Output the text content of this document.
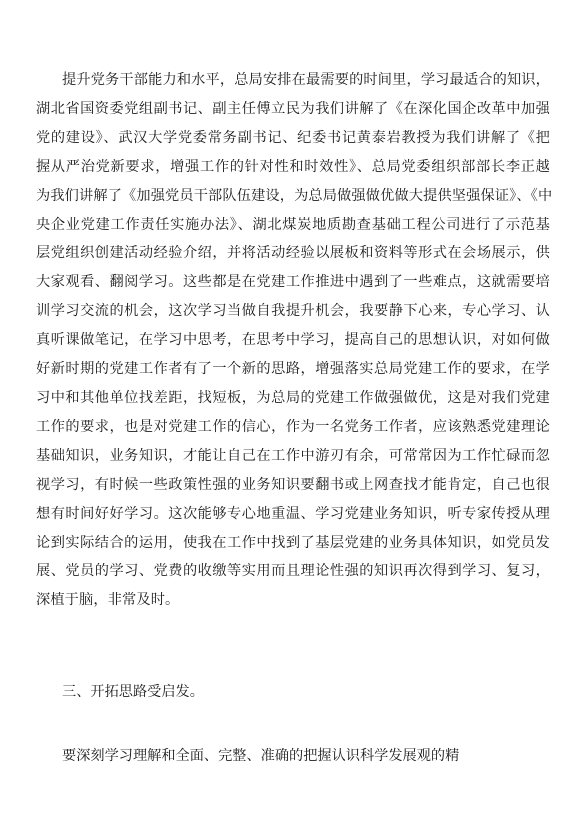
提升党务干部能力和水平，总局安排在最需要的时间里，学习最适合的知识，
湖北省国资委党组副书记、副主任傅立民为我们讲解了《在深化国企改革中加强
党的建设》、武汉大学党委常务副书记、纪委书记黄泰岩教授为我们讲解了《把
握从严治党新要求，增强工作的针对性和时效性》、总局党委组织部部长李正越
为我们讲解了《加强党员干部队伍建设，为总局做强做优做大提供坚强保证》、《中
央企业党建工作责任实施办法》、湖北煤炭地质勘查基础工程公司进行了示范基
层党组织创建活动经验介绍，并将活动经验以展板和资料等形式在会场展示，供
大家观看、翻阅学习。这些都是在党建工作推进中遇到了一些难点，这就需要培
训学习交流的机会，这次学习当做自我提升机会，我要静下心来，专心学习、认
真听课做笔记，在学习中思考，在思考中学习，提高自己的思想认识，对如何做
好新时期的党建工作者有了一个新的思路，增强落实总局党建工作的要求，在学
习中和其他单位找差距，找短板，为总局的党建工作做强做优，这是对我们党建
工作的要求，也是对党建工作的信心，作为一名党务工作者，应该熟悉党建理论
基础知识，业务知识，才能让自己在工作中游刃有余，可常常因为工作忙碌而忽
视学习，有时候一些政策性强的业务知识要翻书或上网查找才能肯定，自己也很
想有时间好好学习。这次能够专心地重温、学习党建业务知识，听专家传授从理
论到实际结合的运用，使我在工作中找到了基层党建的业务具体知识，如党员发
展、党员的学习、党费的收缴等实用而且理论性强的知识再次得到学习、复习，
深植于脑，非常及时。

三、开拓思路受启发。

要深刻学习理解和全面、完整、准确的把握认识科学发展观的精
